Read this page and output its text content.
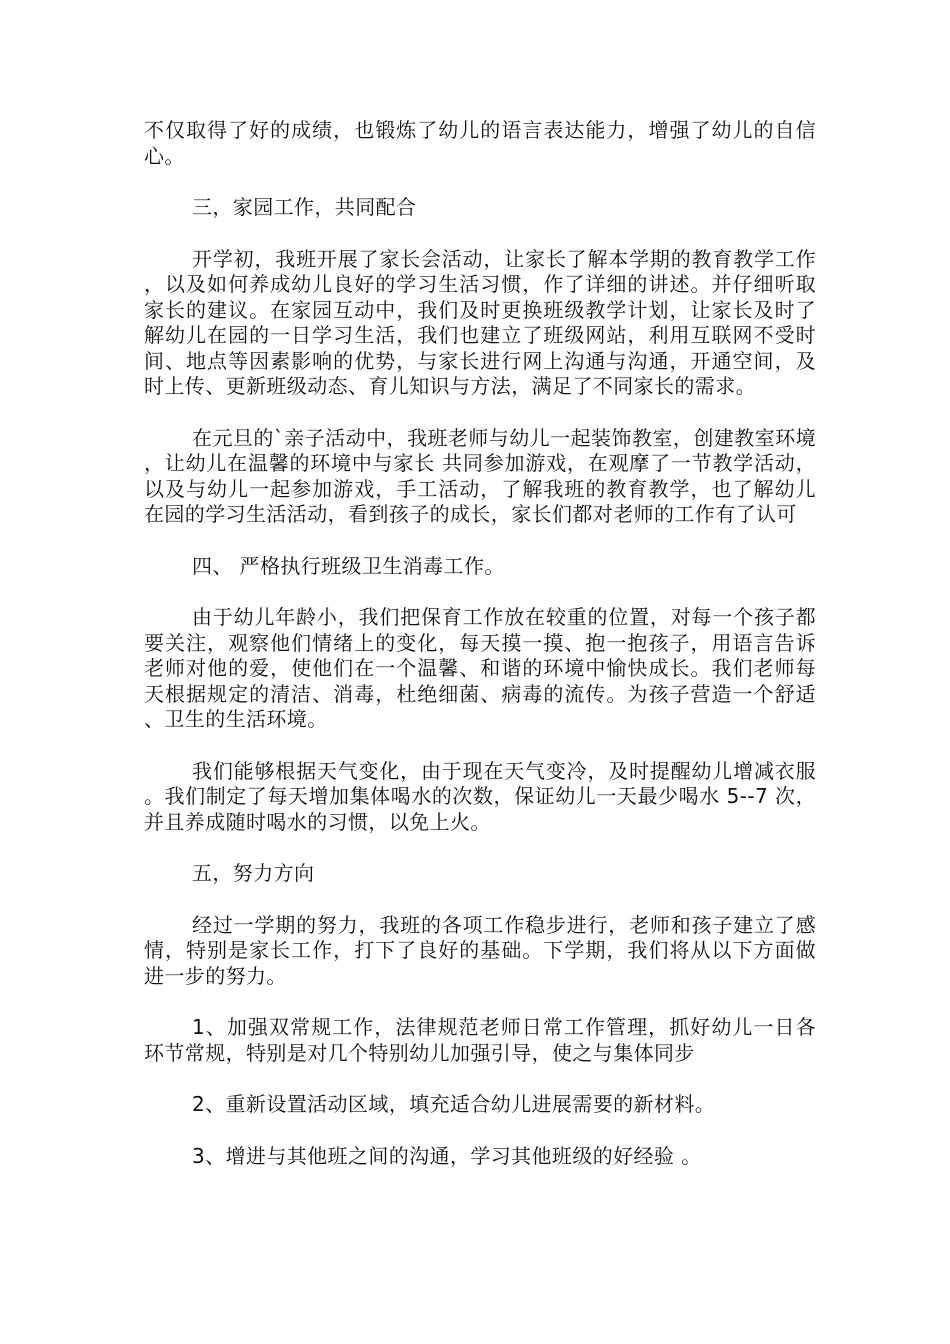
不仅取得了好的成绩，也锻炼了幼儿的语言表达能力，增强了幼儿的自信心。

三，家园工作，共同配合

开学初，我班开展了家长会活动，让家长了解本学期的教育教学工作，以及如何养成幼儿良好的学习生活习惯，作了详细的讲述。并仔细听取家长的建议。在家园互动中，我们及时更换班级教学计划，让家长及时了解幼儿在园的一日学习生活，我们也建立了班级网站，利用互联网不受时间、地点等因素影响的优势，与家长进行网上沟通与沟通，开通空间，及时上传、更新班级动态、育儿知识与方法，满足了不同家长的需求。

在元旦的`亲子活动中，我班老师与幼儿一起装饰教室，创建教室环境，让幼儿在温馨的环境中与家长 共同参加游戏，在观摩了一节教学活动，以及与幼儿一起参加游戏，手工活动，了解我班的教育教学，也了解幼儿在园的学习生活活动，看到孩子的成长，家长们都对老师的工作有了认可

四、 严格执行班级卫生消毒工作。

由于幼儿年龄小，我们把保育工作放在较重的位置，对每一个孩子都要关注，观察他们情绪上的变化，每天摸一摸、抱一抱孩子，用语言告诉老师对他的爱，使他们在一个温馨、和谐的环境中愉快成长。我们老师每天根据规定的清洁、消毒，杜绝细菌、病毒的流传。为孩子营造一个舒适、卫生的生活环境。

我们能够根据天气变化，由于现在天气变冷，及时提醒幼儿增减衣服。我们制定了每天增加集体喝水的次数，保证幼儿一天最少喝水 5--7 次，并且养成随时喝水的习惯，以免上火。

五，努力方向

经过一学期的努力，我班的各项工作稳步进行，老师和孩子建立了感情，特别是家长工作，打下了良好的基础。下学期，我们将从以下方面做进一步的努力。

1、加强双常规工作，法律规范老师日常工作管理，抓好幼儿一日各环节常规，特别是对几个特别幼儿加强引导，使之与集体同步

2、重新设置活动区域，填充适合幼儿进展需要的新材料。

3、增进与其他班之间的沟通，学习其他班级的好经验 。
